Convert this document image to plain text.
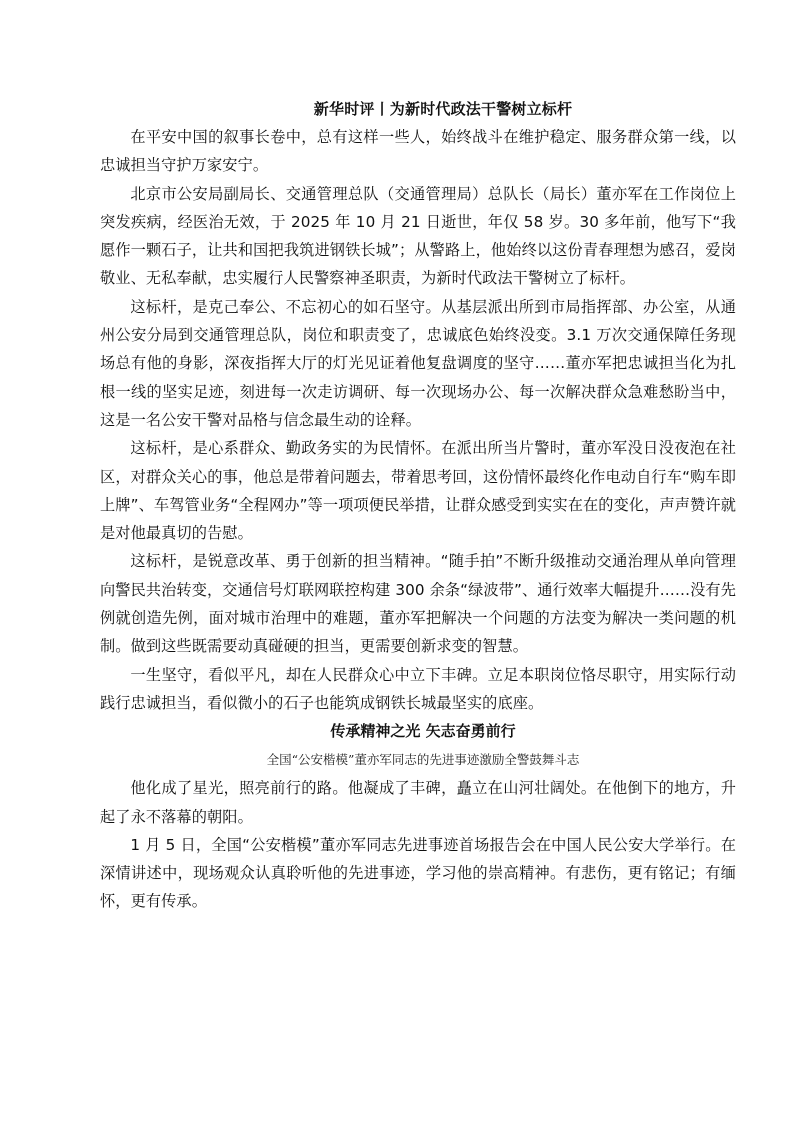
新华时评丨为新时代政法干警树立标杆

在平安中国的叙事长卷中，总有这样一些人，始终战斗在维护稳定、服务群众第一线，以忠诚担当守护万家安宁。

北京市公安局副局长、交通管理总队（交通管理局）总队长（局长）董亦军在工作岗位上突发疾病，经医治无效，于 2025 年 10 月 21 日逝世，年仅 58 岁。30 多年前，他写下“我愿作一颗石子，让共和国把我筑进钢铁长城”；从警路上，他始终以这份青春理想为感召，爱岗敬业、无私奉献，忠实履行人民警察神圣职责，为新时代政法干警树立了标杆。

这标杆，是克己奉公、不忘初心的如石坚守。从基层派出所到市局指挥部、办公室，从通州公安分局到交通管理总队，岗位和职责变了，忠诚底色始终没变。3.1 万次交通保障任务现场总有他的身影，深夜指挥大厅的灯光见证着他复盘调度的坚守……董亦军把忠诚担当化为扎根一线的坚实足迹，刻进每一次走访调研、每一次现场办公、每一次解决群众急难愁盼当中，这是一名公安干警对品格与信念最生动的诠释。

这标杆，是心系群众、勤政务实的为民情怀。在派出所当片警时，董亦军没日没夜泡在社区，对群众关心的事，他总是带着问题去，带着思考回，这份情怀最终化作电动自行车“购车即上牌”、车驾管业务“全程网办”等一项项便民举措，让群众感受到实实在在的变化，声声赞许就是对他最真切的告慰。

这标杆，是锐意改革、勇于创新的担当精神。“随手拍”不断升级推动交通治理从单向管理向警民共治转变，交通信号灯联网联控构建 300 余条“绿波带”、通行效率大幅提升……没有先例就创造先例，面对城市治理中的难题，董亦军把解决一个问题的方法变为解决一类问题的机制。做到这些既需要动真碰硬的担当，更需要创新求变的智慧。

一生坚守，看似平凡，却在人民群众心中立下丰碑。立足本职岗位恪尽职守，用实际行动践行忠诚担当，看似微小的石子也能筑成钢铁长城最坚实的底座。

传承精神之光 矢志奋勇前行

全国“公安楷模”董亦军同志的先进事迹激励全警鼓舞斗志

他化成了星光，照亮前行的路。他凝成了丰碑，矗立在山河壮阔处。在他倒下的地方，升起了永不落幕的朝阳。

1 月 5 日，全国“公安楷模”董亦军同志先进事迹首场报告会在中国人民公安大学举行。在深情讲述中，现场观众认真聆听他的先进事迹，学习他的崇高精神。有悲伤，更有铭记；有缅怀，更有传承。
